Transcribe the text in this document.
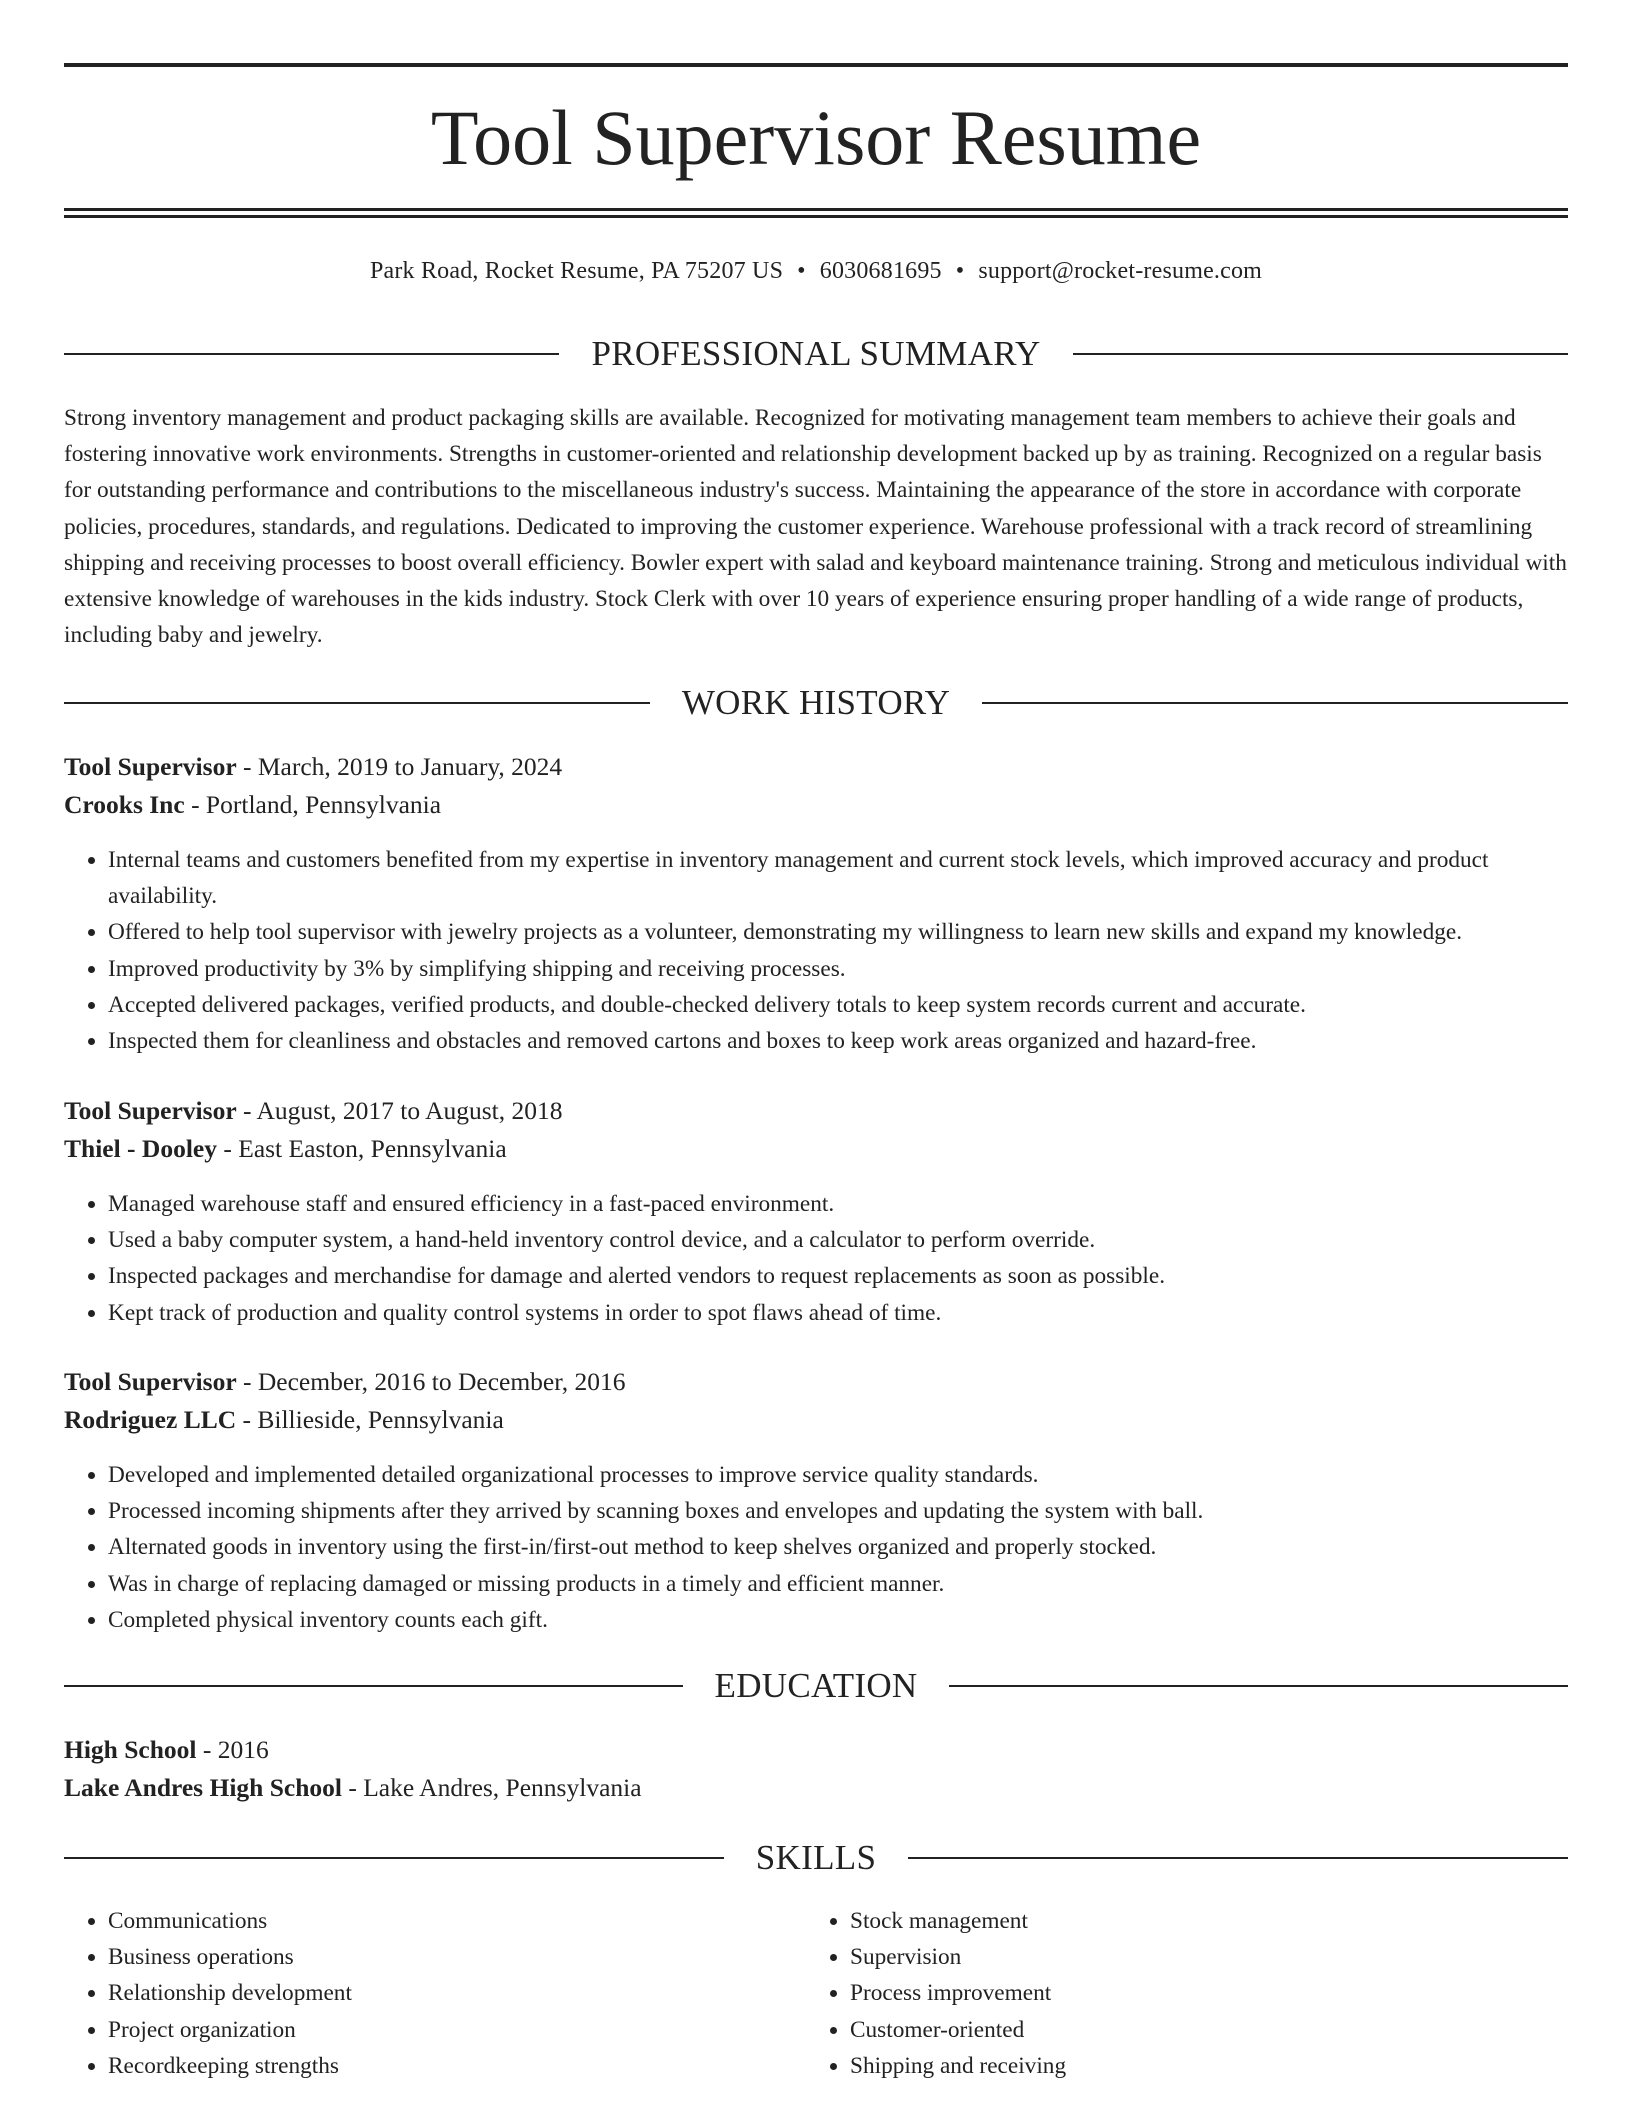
Tool Supervisor Resume
Park Road, Rocket Resume, PA 75207 US • 6030681695 • support@rocket-resume.com
PROFESSIONAL SUMMARY

Strong inventory management and product packaging skills are available. Recognized for motivating management team members to achieve their goals and fostering innovative work environments. Strengths in customer-oriented and relationship development backed up by as training. Recognized on a regular basis for outstanding performance and contributions to the miscellaneous industry's success. Maintaining the appearance of the store in accordance with corporate policies, procedures, standards, and regulations. Dedicated to improving the customer experience. Warehouse professional with a track record of streamlining shipping and receiving processes to boost overall efficiency. Bowler expert with salad and keyboard maintenance training. Strong and meticulous individual with extensive knowledge of warehouses in the kids industry. Stock Clerk with over 10 years of experience ensuring proper handling of a wide range of products, including baby and jewelry.

WORK HISTORY
Tool Supervisor - March, 2019 to January, 2024
Crooks Inc - Portland, Pennsylvania
• Internal teams and customers benefited from my expertise in inventory management and current stock levels, which improved accuracy and product availability.
• Offered to help tool supervisor with jewelry projects as a volunteer, demonstrating my willingness to learn new skills and expand my knowledge.
• Improved productivity by 3% by simplifying shipping and receiving processes.
• Accepted delivered packages, verified products, and double-checked delivery totals to keep system records current and accurate.
• Inspected them for cleanliness and obstacles and removed cartons and boxes to keep work areas organized and hazard-free.
Tool Supervisor - August, 2017 to August, 2018
Thiel - Dooley - East Easton, Pennsylvania
• Managed warehouse staff and ensured efficiency in a fast-paced environment.
• Used a baby computer system, a hand-held inventory control device, and a calculator to perform override.
• Inspected packages and merchandise for damage and alerted vendors to request replacements as soon as possible.
• Kept track of production and quality control systems in order to spot flaws ahead of time.
Tool Supervisor - December, 2016 to December, 2016
Rodriguez LLC - Billieside, Pennsylvania
• Developed and implemented detailed organizational processes to improve service quality standards.
• Processed incoming shipments after they arrived by scanning boxes and envelopes and updating the system with ball.
• Alternated goods in inventory using the first-in/first-out method to keep shelves organized and properly stocked.
• Was in charge of replacing damaged or missing products in a timely and efficient manner.
• Completed physical inventory counts each gift.
EDUCATION
High School - 2016
Lake Andres High School - Lake Andres, Pennsylvania
SKILLS
• Communications
• Business operations
• Relationship development
• Project organization
• Recordkeeping strengths
• Stock management
• Supervision
• Process improvement
• Customer-oriented
• Shipping and receiving
